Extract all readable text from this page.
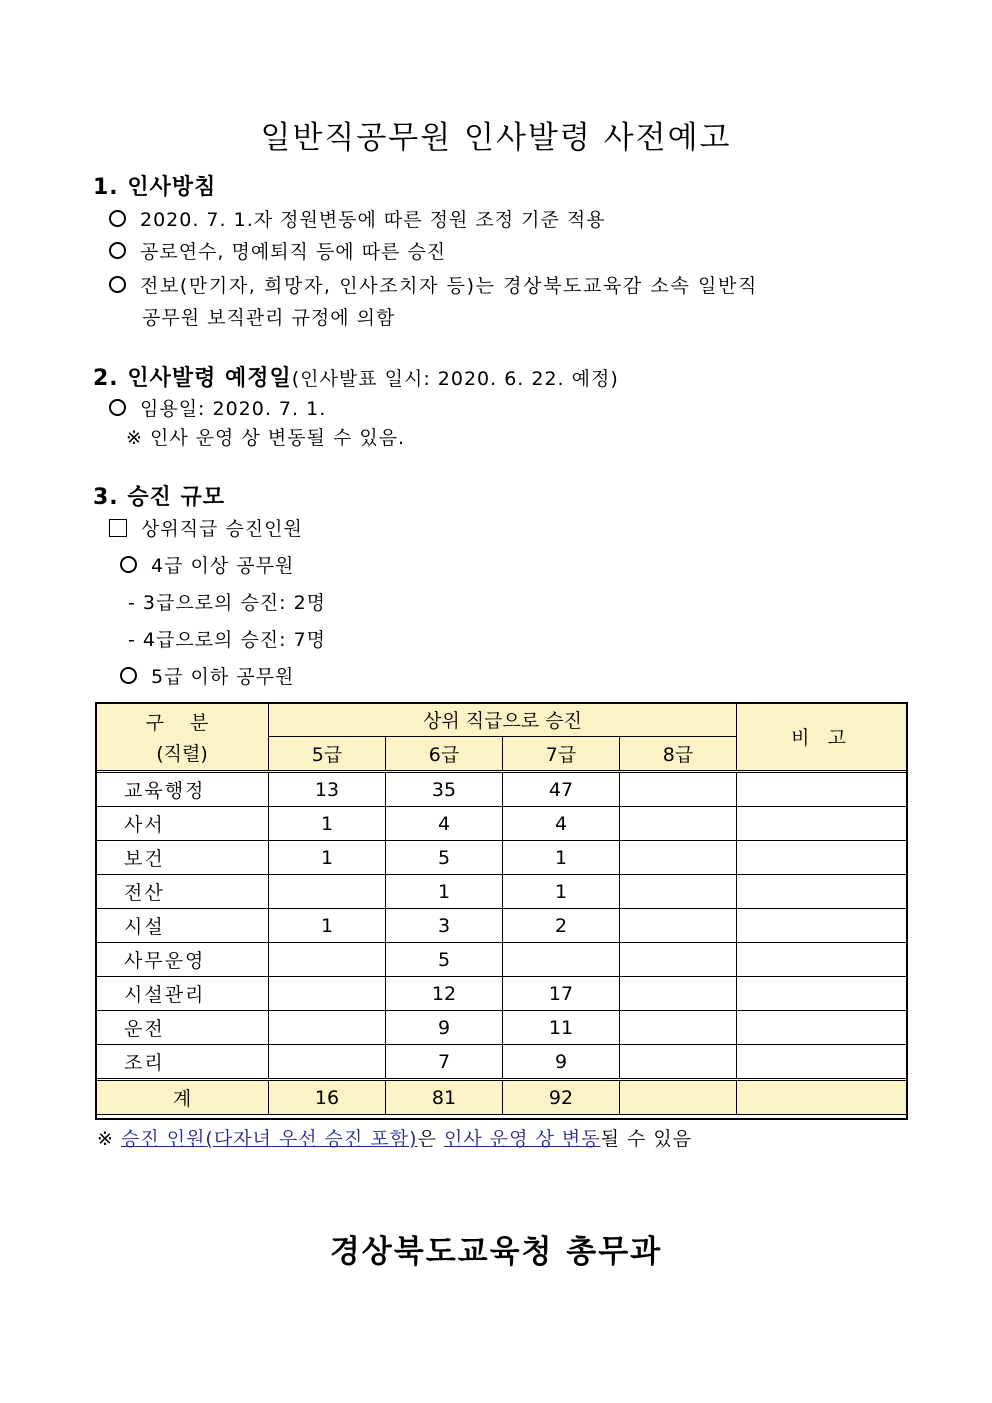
일반직공무원 인사발령 사전예고
1. 인사방침
2020. 7. 1.자 정원변동에 따른 정원 조정 기준 적용
공로연수, 명예퇴직 등에 따른 승진
전보(만기자, 희망자, 인사조치자 등)는 경상북도교육감 소속 일반직
공무원 보직관리 규정에 의함
2. 인사발령 예정일(인사발표 일시: 2020. 6. 22. 예정)
임용일: 2020. 7. 1.
※ 인사 운영 상 변동될 수 있음.
3. 승진 규모
상위직급 승진인원
4급 이상 공무원
- 3급으로의 승진: 2명
- 4급으로의 승진: 7명
5급 이하 공무원
구 분
(직렬)	상위 직급으로 승진				비 고
	5급	6급	7급	8급	
교육행정	13	35	47		
사서	1	4	4		
보건	1	5	1		
전산		1	1		
시설	1	3	2		
사무운영		5			
시설관리		12	17		
운전		9	11		
조리		7	9		
계	16	81	92		
※ 승진 인원(다자녀 우선 승진 포함)은 인사 운영 상 변동될 수 있음
경상북도교육청 총무과
